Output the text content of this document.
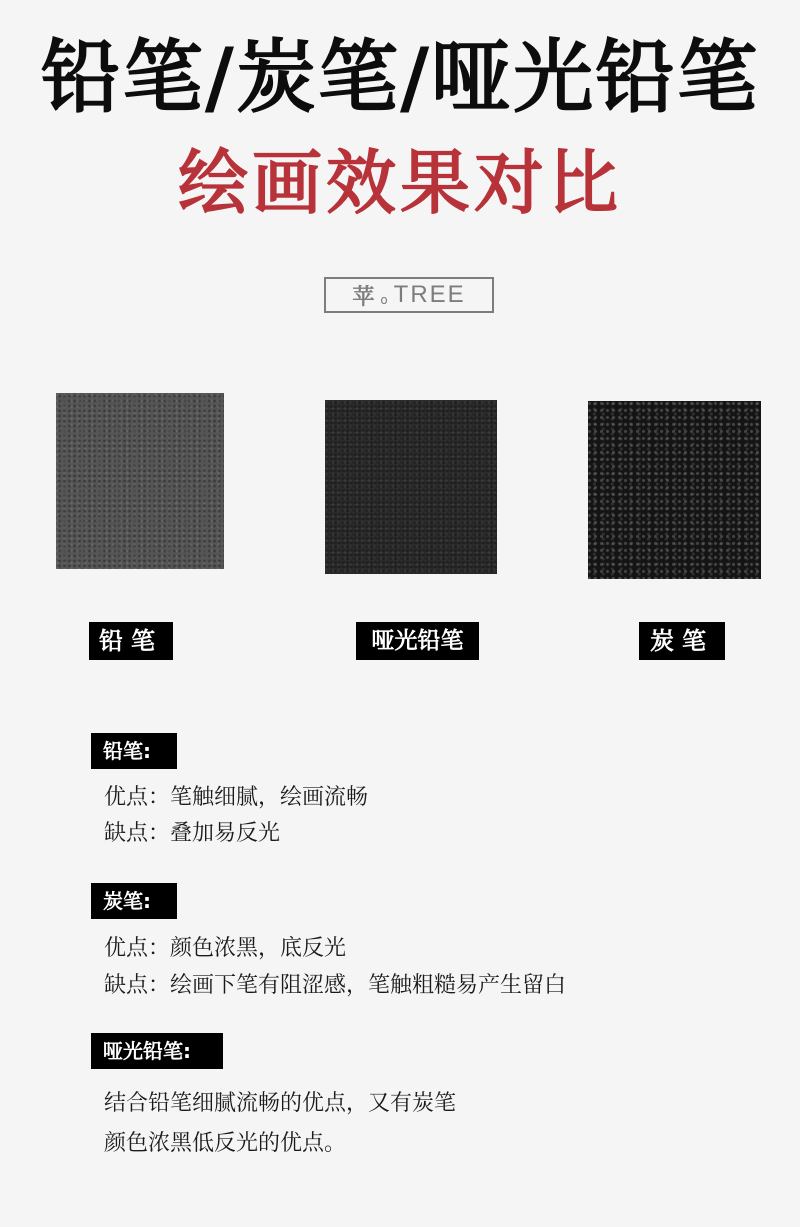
铅笔/炭笔/哑光铅笔
绘画效果对比
苹 o TREE
铅笔	哑光铅笔	炭笔
铅笔:
优点：笔触细腻，绘画流畅
缺点：叠加易反光
炭笔:
优点：颜色浓黑，底反光
缺点：绘画下笔有阻涩感，笔触粗糙易产生留白
哑光铅笔:
结合铅笔细腻流畅的优点，又有炭笔
颜色浓黑低反光的优点。
